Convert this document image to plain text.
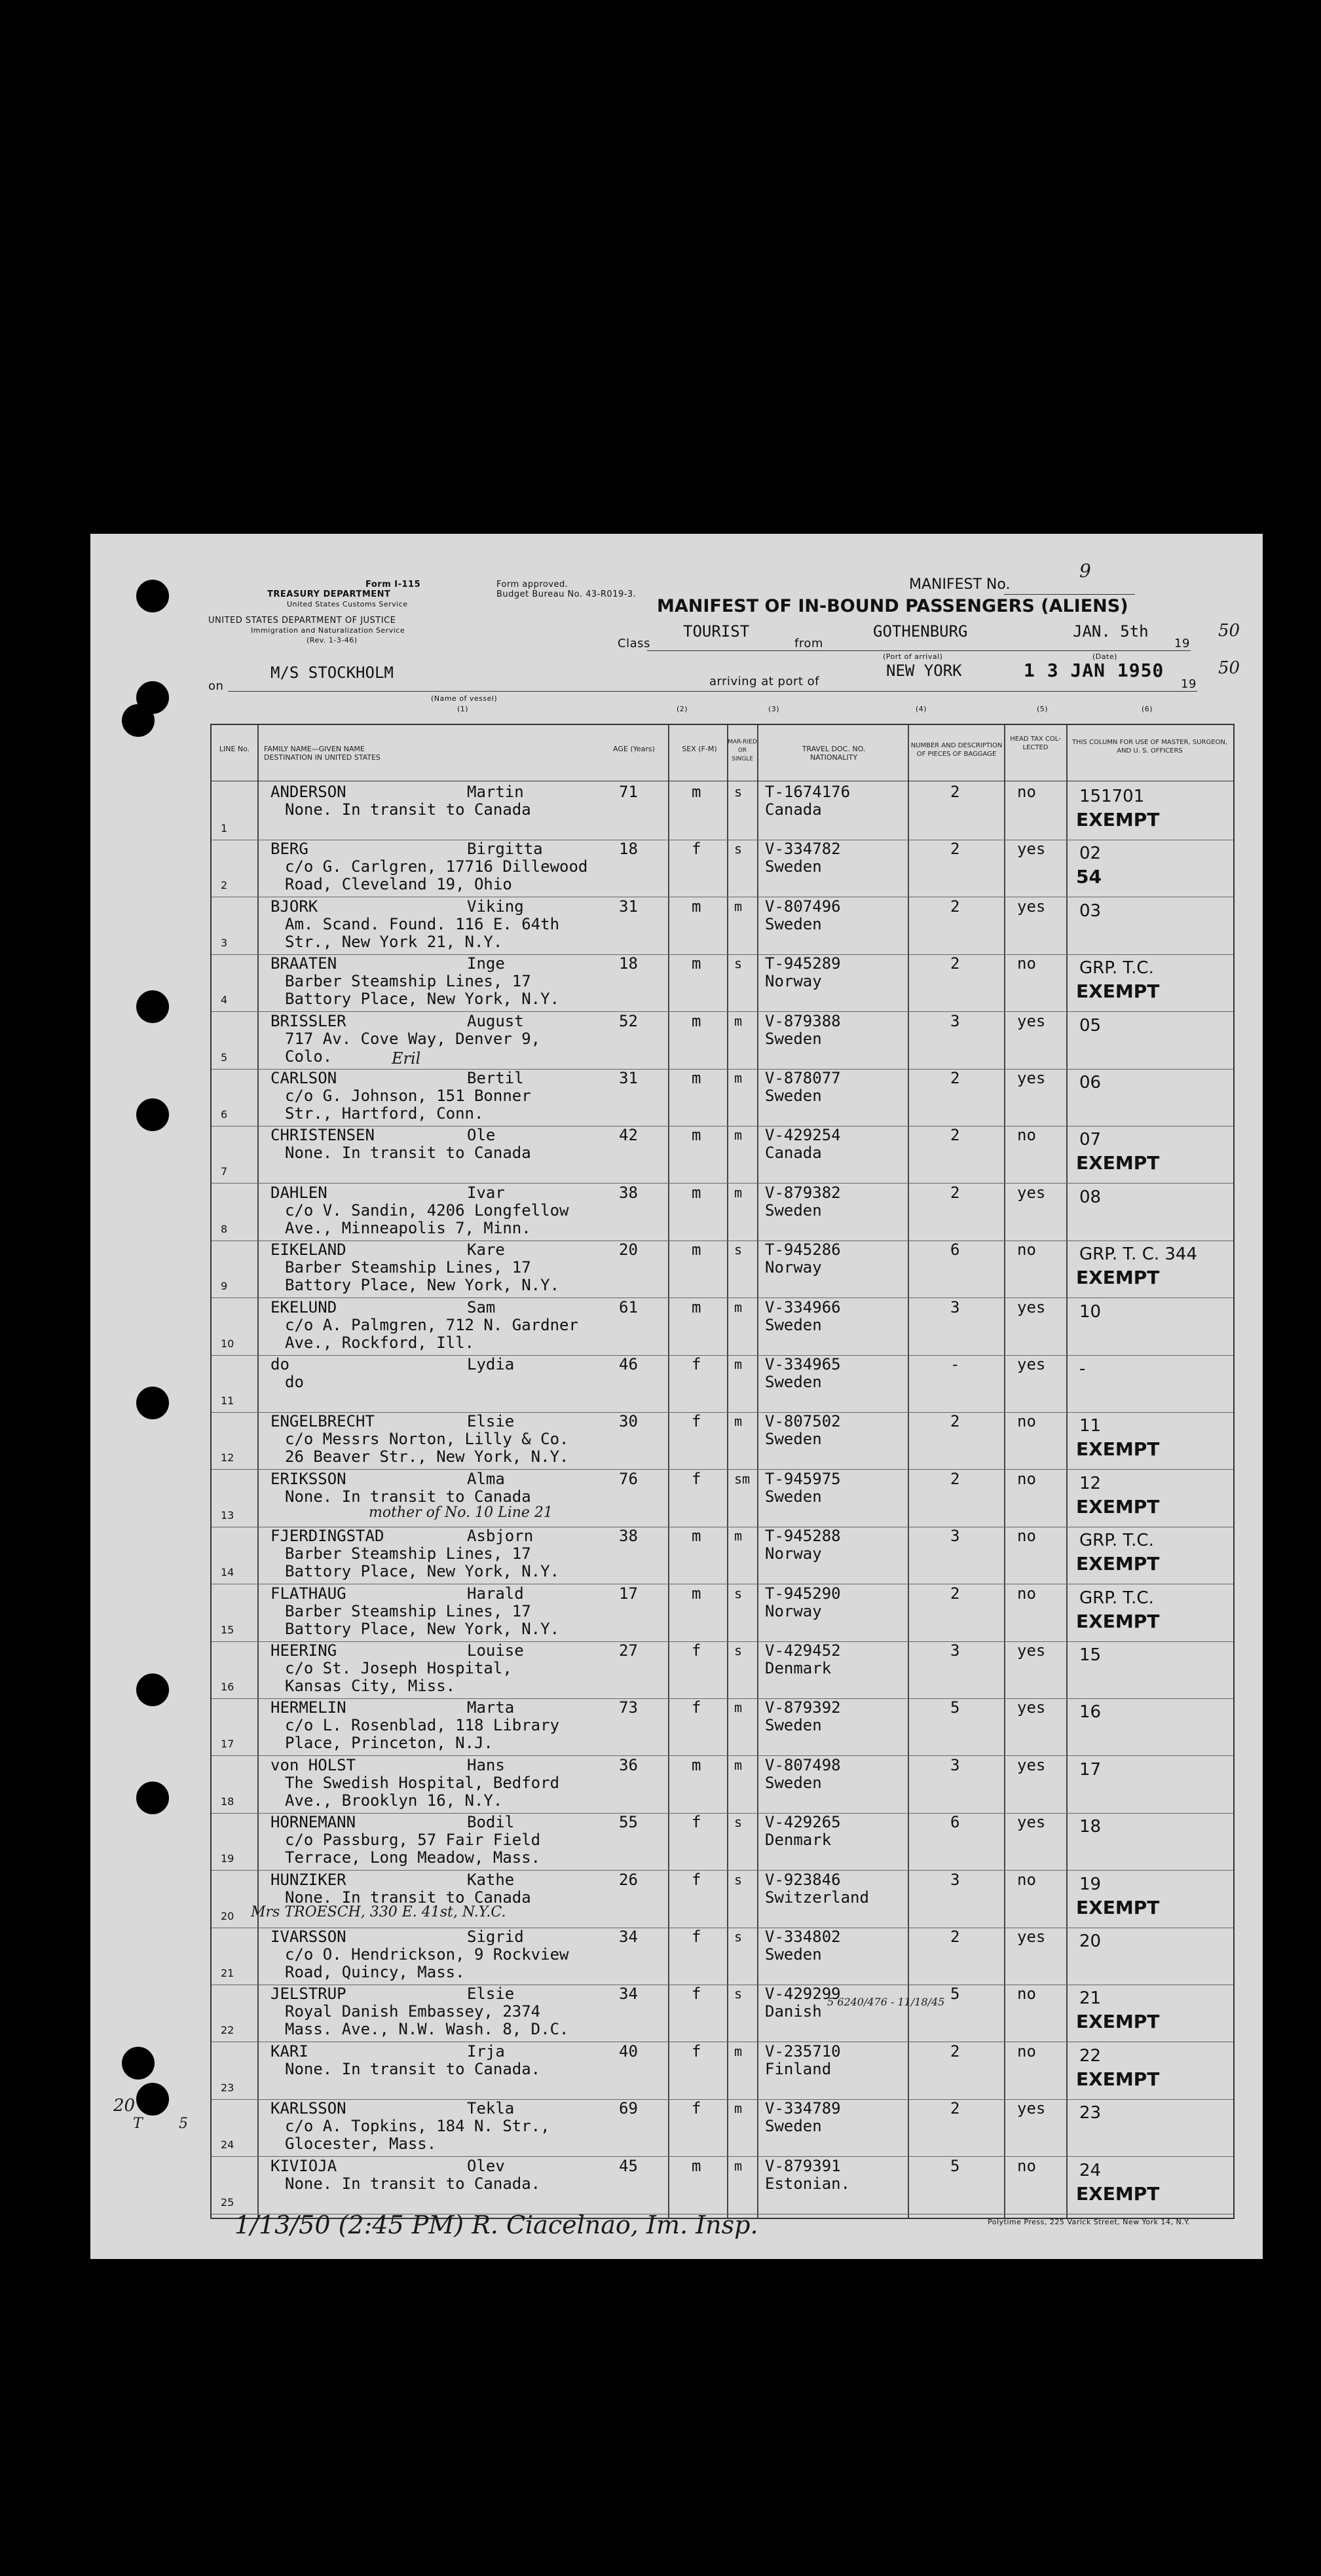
Form I-115
TREASURY DEPARTMENT
United States Customs Service
UNITED STATES DEPARTMENT OF JUSTICE
Immigration and Naturalization Service
(Rev. 1-3-46)
Form approved.
Budget Bureau No. 43-R019-3.
MANIFEST No.
9
MANIFEST OF IN-BOUND PASSENGERS (ALIENS)
Class
TOURIST
from
GOTHENBURG	JAN. 5th
19
50
on
M/S STOCKHOLM
(Name of vessel)
arriving at port of
(Port of arrival)
NEW YORK	1 3 JAN 1950
(Date)
19
50
(1)	(2)	(3)	(4)	(5)	(6)
LINE No.	FAMILY NAME—GIVEN NAME
DESTINATION IN UNITED STATES
AGE (Years)	SEX (F-M)
MAR-RIED OR SINGLE
TRAVEL DOC. NO.
NATIONALITY
NUMBER AND DESCRIPTION OF PIECES OF BAGGAGE
HEAD TAX COL-LECTED
THIS COLUMN FOR USE OF MASTER, SURGEON, AND U. S. OFFICERS
1
ANDERSON	Martin	71	m	s
None. In transit to Canada
T-1674176
Canada
2	no	151701
EXEMPT
2
BERG	Birgitta	18	f	s
c/o G. Carlgren, 17716 Dillewood
Road, Cleveland 19, Ohio
V-334782
Sweden
2	yes 02
54
3
BJORK	Viking	31	m	m
Am. Scand. Found. 116 E. 64th
Str., New York 21, N.Y.
V-807496
Sweden
2	yes 03
4
BRAATEN	Inge	18	m	s
Barber Steamship Lines, 17
Battory Place, New York, N.Y.
T-945289
Norway
2	no	GRP. T.C.
EXEMPT
5
BRISSLER	August	52	m	m
717 Av. Cove Way, Denver 9,
Colo.
V-879388
Sweden
3	yes 05
6
CARLSON	Bertil	31	m	m
c/o G. Johnson, 151 Bonner
Str., Hartford, Conn.
V-878077
Sweden
2	yes 06
7
CHRISTENSEN	Ole	42	m	m
None. In transit to Canada
V-429254
Canada
2	no	07
EXEMPT
8
DAHLEN	Ivar	38	m	m
c/o V. Sandin, 4206 Longfellow
Ave., Minneapolis 7, Minn.
V-879382
Sweden
2	yes 08
9
EIKELAND	Kare	20	m	s
Barber Steamship Lines, 17
Battory Place, New York, N.Y.
T-945286
Norway
6	no	GRP. T. C. 344
EXEMPT
10
EKELUND	Sam	61	m	m
c/o A. Palmgren, 712 N. Gardner
Ave., Rockford, Ill.
V-334966
Sweden
3	yes 10
11
do	Lydia	46	f	m
do
V-334965
Sweden
-	yes -
12
ENGELBRECHT	Elsie	30	f	m
c/o Messrs Norton, Lilly & Co.
26 Beaver Str., New York, N.Y.
V-807502
Sweden
2	no	11
EXEMPT
13
ERIKSSON	Alma	76	f	sm
None. In transit to Canada
T-945975
Sweden
2	no	12
EXEMPT
14
FJERDINGSTAD	Asbjorn	38	m	m
Barber Steamship Lines, 17
Battory Place, New York, N.Y.
T-945288
Norway
3	no	GRP. T.C.
EXEMPT
15
FLATHAUG	Harald	17	m	s
Barber Steamship Lines, 17
Battory Place, New York, N.Y.
T-945290
Norway
2	no	GRP. T.C.
EXEMPT
16
HEERING	Louise	27	f	s
c/o St. Joseph Hospital,
Kansas City, Miss.
V-429452
Denmark
3	yes 15
17
HERMELIN	Marta	73	f	m
c/o L. Rosenblad, 118 Library
Place, Princeton, N.J.
V-879392
Sweden
5	yes 16
18
von HOLST	Hans	36	m	m
The Swedish Hospital, Bedford
Ave., Brooklyn 16, N.Y.
V-807498
Sweden
3	yes 17
19
HORNEMANN	Bodil	55	f	s
c/o Passburg, 57 Fair Field
Terrace, Long Meadow, Mass.
V-429265
Denmark
6	yes 18
20
HUNZIKER	Kathe	26	f	s
None. In transit to Canada
V-923846
Switzerland
3	no	19
EXEMPT
21
IVARSSON	Sigrid	34	f	s
c/o O. Hendrickson, 9 Rockview
Road, Quincy, Mass.
V-334802
Sweden
2	yes 20
22
JELSTRUP	Elsie	34	f	s
Royal Danish Embassey, 2374
Mass. Ave., N.W. Wash. 8, D.C.
V-429299
Danish
5	no	21
EXEMPT
23
KARI	Irja	40	f	m
None. In transit to Canada.
V-235710
Finland
2	no	22
EXEMPT
24
KARLSSON	Tekla	69	f	m
c/o A. Topkins, 184 N. Str.,
Glocester, Mass.
V-334789
Sweden
2	yes 23
25
KIVIOJA	Olev	45	m	m
None. In transit to Canada.
V-879391
Estonian.
5	no	24
EXEMPT
Eril
mother of No. 10 Line 21
Mrs TROESCH, 330 E. 41st, N.Y.C.
5 6240/476 - 11/18/45
20
T	5
1/13/50 (2:45 PM) R. Ciacelnao, Im. Insp.	Polytime Press, 225 Varick Street, New York 14, N.Y.
